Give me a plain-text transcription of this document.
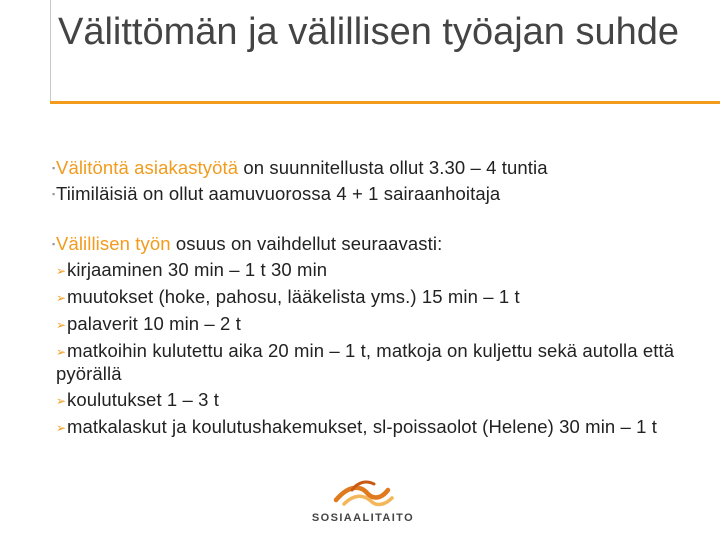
Välittömän ja välillisen työajan suhde
▪Välitöntä asiakastyötä on suunnitellusta ollut 3.30 – 4 tuntia
▪Tiimiläisiä on ollut aamuvuorossa 4 + 1 sairaanhoitaja
▪Välillisen työn osuus on vaihdellut seuraavasti:
➢kirjaaminen 30 min – 1 t 30 min
➢muutokset (hoke, pahosu, lääkelista yms.) 15 min – 1 t
➢palaverit 10 min – 2 t
➢matkoihin kulutettu aika 20 min – 1 t, matkoja on kuljettu sekä autolla että pyörällä
➢koulutukset 1 – 3 t
➢matkalaskut ja koulutushakemukset, sl-poissaolot (Helene) 30 min – 1 t
SOSIAALITAITO
